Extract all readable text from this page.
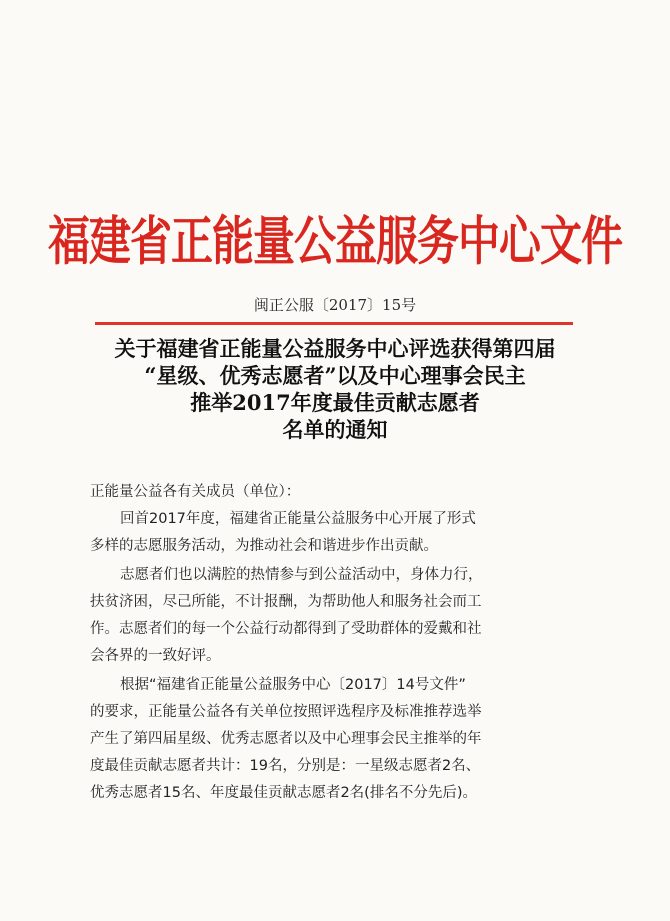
福建省正能量公益服务中心文件
闽正公服〔2017〕15号
关于福建省正能量公益服务中心评选获得第四届
“星级、优秀志愿者”以及中心理事会民主
推举2017年度最佳贡献志愿者
名单的通知

正能量公益各有关成员（单位）：

回首2017年度，福建省正能量公益服务中心开展了形式

多样的志愿服务活动，为推动社会和谐进步作出贡献。

志愿者们也以满腔的热情参与到公益活动中，身体力行，

扶贫济困，尽己所能，不计报酬，为帮助他人和服务社会而工

作。志愿者们的每一个公益行动都得到了受助群体的爱戴和社

会各界的一致好评。

根据“福建省正能量公益服务中心〔2017〕14号文件”

的要求，正能量公益各有关单位按照评选程序及标准推荐选举

产生了第四届星级、优秀志愿者以及中心理事会民主推举的年

度最佳贡献志愿者共计：19名，分别是：一星级志愿者2名、

优秀志愿者15名、年度最佳贡献志愿者2名(排名不分先后)。
